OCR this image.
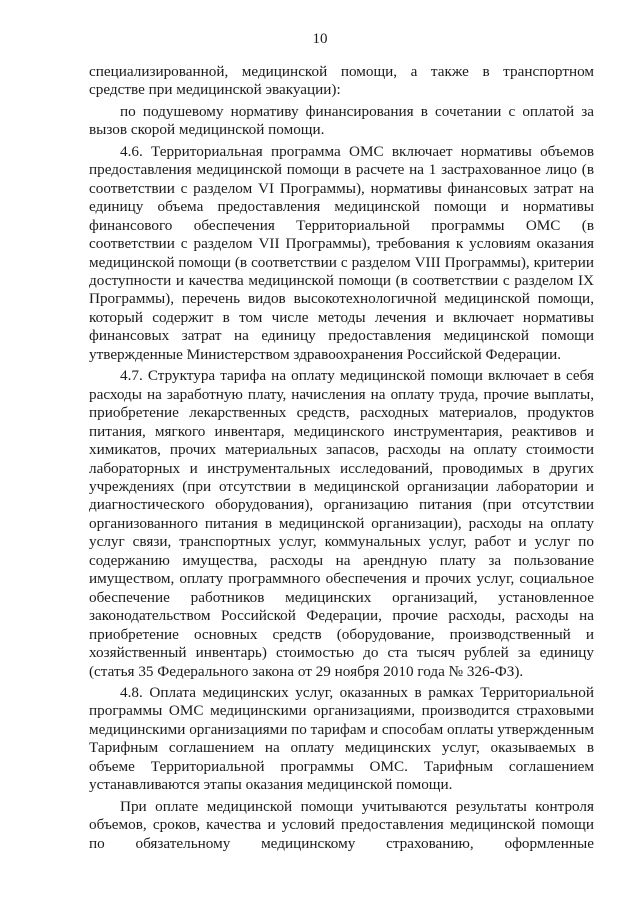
10

специализированной, медицинской помощи, а также в транспортном средстве при медицинской эвакуации):

по подушевому нормативу финансирования в сочетании с оплатой за вызов скорой медицинской помощи.

4.6. Территориальная программа ОМС включает нормативы объемов предоставления медицинской помощи в расчете на 1 застрахованное лицо (в соответствии с разделом VI Программы), нормативы финансовых затрат на единицу объема предоставления медицинской помощи и нормативы финансового обеспечения Территориальной программы ОМС (в соответствии с разделом VII Программы), требования к условиям оказания медицинской помощи (в соответствии с разделом VIII Программы), критерии доступности и качества медицинской помощи (в соответствии с разделом IX Программы), перечень видов высокотехнологичной медицинской помощи, который содержит в том числе методы лечения и включает нормативы финансовых затрат на единицу предоставления медицинской помощи утвержденные Министерством здравоохранения Российской Федерации.

4.7. Структура тарифа на оплату медицинской помощи включает в себя расходы на заработную плату, начисления на оплату труда, прочие выплаты, приобретение лекарственных средств, расходных материалов, продуктов питания, мягкого инвентаря, медицинского инструментария, реактивов и химикатов, прочих материальных запасов, расходы на оплату стоимости лабораторных и инструментальных исследований, проводимых в других учреждениях (при отсутствии в медицинской организации лаборатории и диагностического оборудования), организацию питания (при отсутствии организованного питания в медицинской организации), расходы на оплату услуг связи, транспортных услуг, коммунальных услуг, работ и услуг по содержанию имущества, расходы на арендную плату за пользование имуществом, оплату программного обеспечения и прочих услуг, социальное обеспечение работников медицинских организаций, установленное законодательством Российской Федерации, прочие расходы, расходы на приобретение основных средств (оборудование, производственный и хозяйственный инвентарь) стоимостью до ста тысяч рублей за единицу (статья 35 Федерального закона от 29 ноября 2010 года № 326-ФЗ).

4.8. Оплата медицинских услуг, оказанных в рамках Территориальной программы ОМС медицинскими организациями, производится страховыми медицинскими организациями по тарифам и способам оплаты утвержденным Тарифным соглашением на оплату медицинских услуг, оказываемых в объеме Территориальной программы ОМС. Тарифным соглашением устанавливаются этапы оказания медицинской помощи.

При оплате медицинской помощи учитываются результаты контроля объемов, сроков, качества и условий предоставления медицинской помощи по обязательному медицинскому страхованию, оформленные
